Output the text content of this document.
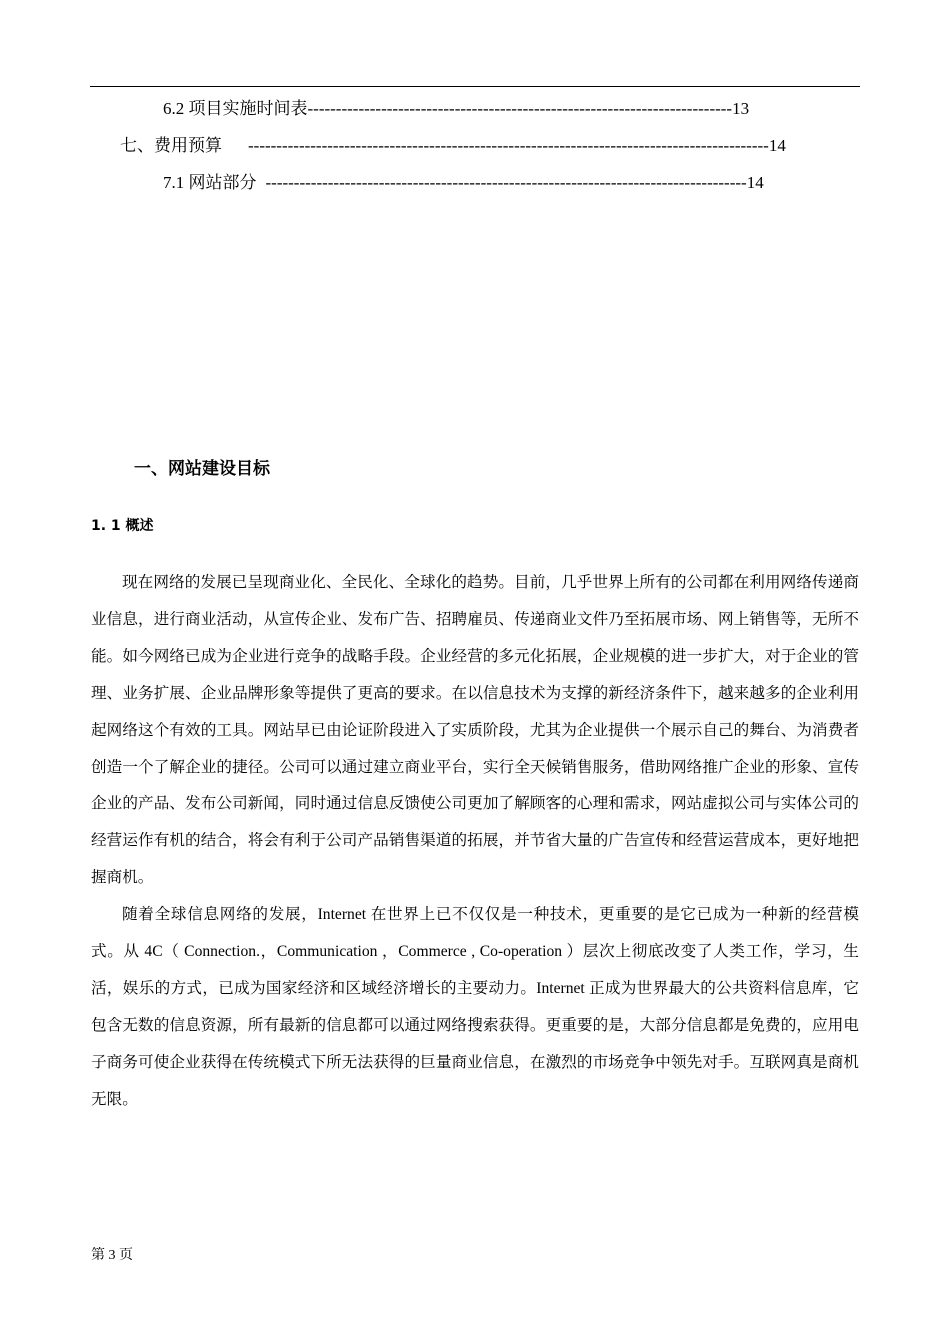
6.2 项目实施时间表---------------------------------------------------------------------------13
七、费用预算 --------------------------------------------------------------------------------------------14
7.1 网站部分 -------------------------------------------------------------------------------------14
一、网站建设目标
1. 1 概述

现在网络的发展已呈现商业化、全民化、全球化的趋势。目前，几乎世界上所有的公司都在利用网络传递商业信息，进行商业活动，从宣传企业、发布广告、招聘雇员、传递商业文件乃至拓展市场、网上销售等，无所不能。如今网络已成为企业进行竞争的战略手段。企业经营的多元化拓展，企业规模的进一步扩大，对于企业的管理、业务扩展、企业品牌形象等提供了更高的要求。在以信息技术为支撑的新经济条件下，越来越多的企业利用起网络这个有效的工具。网站早已由论证阶段进入了实质阶段，尤其为企业提供一个展示自己的舞台、为消费者创造一个了解企业的捷径。公司可以通过建立商业平台，实行全天候销售服务，借助网络推广企业的形象、宣传企业的产品、发布公司新闻，同时通过信息反馈使公司更加了解顾客的心理和需求，网站虚拟公司与实体公司的经营运作有机的结合，将会有利于公司产品销售渠道的拓展，并节省大量的广告宣传和经营运营成本，更好地把握商机。

随着全球信息网络的发展，Internet 在世界上已不仅仅是一种技术，更重要的是它已成为一种新的经营模式。从 4C（ Connection.，Communication ，Commerce , Co-operation ）层次上彻底改变了人类工作，学习，生活，娱乐的方式，已成为国家经济和区域经济增长的主要动力。Internet 正成为世界最大的公共资料信息库，它包含无数的信息资源，所有最新的信息都可以通过网络搜索获得。更重要的是，大部分信息都是免费的，应用电子商务可使企业获得在传统模式下所无法获得的巨量商业信息，在激烈的市场竞争中领先对手。互联网真是商机无限。

第 3 页
